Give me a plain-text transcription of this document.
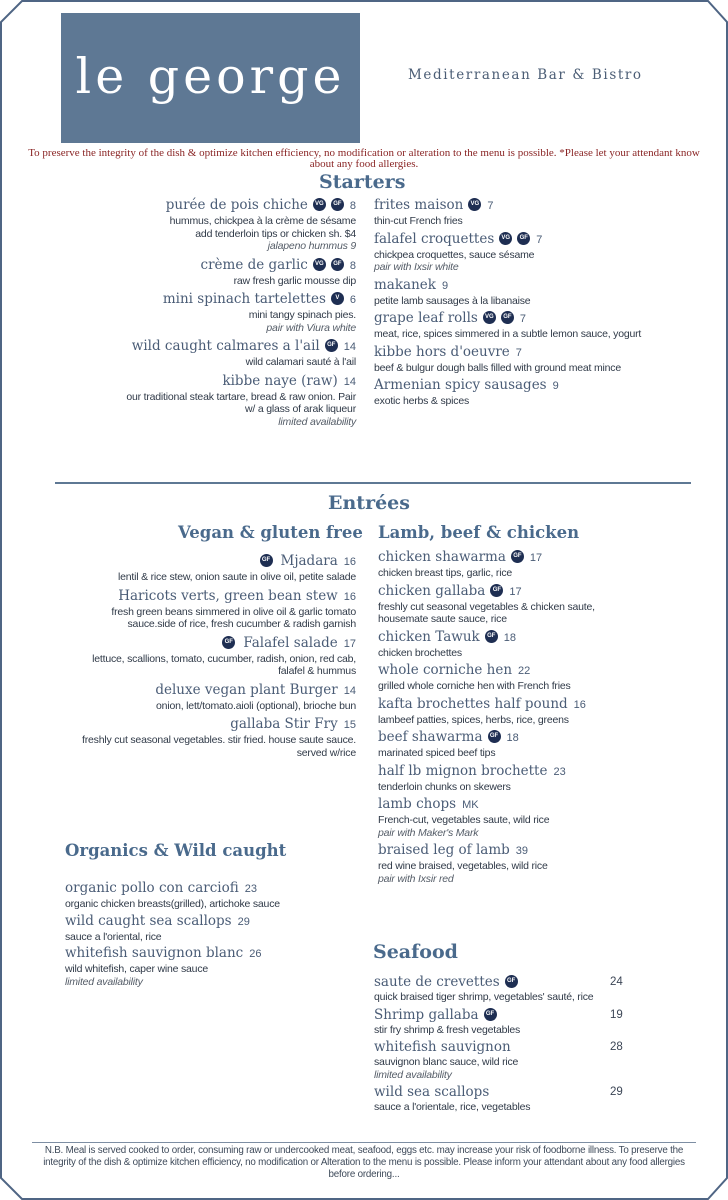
le george	Mediterranean Bar & Bistro
To preserve the integrity of the dish & optimize kitchen efficiency, no modification or alteration to the menu is possible. *Please let your attendant know about any food allergies.
Starters
purée de pois chiche VG GF 8
hummus, chickpea à la crème de sésame
add tenderloin tips or chicken sh. $4
jalapeno hummus 9
crème de garlic VG GF 8
raw fresh garlic mousse dip
mini spinach tartelettes V 6
mini tangy spinach pies.
pair with Viura white
wild caught calmares a l'ail GF 14
wild calamari sauté à l'ail
kibbe naye (raw) 14
our traditional steak tartare, bread & raw onion. Pair
w/ a glass of arak liqueur
limited availability
frites maison VG 7
thin-cut French fries
falafel croquettes VG GF 7
chickpea croquettes, sauce sésame
pair with Ixsir white
makanek 9
petite lamb sausages à la libanaise
grape leaf rolls VG GF 7
meat, rice, spices simmered in a subtle lemon sauce, yogurt
kibbe hors d'oeuvre 7
beef & bulgur dough balls filled with ground meat mince
Armenian spicy sausages 9
exotic herbs & spices
Entrées
Vegan & gluten free
GF Mjadara 16
lentil & rice stew, onion saute in olive oil, petite salade
Haricots verts, green bean stew 16
fresh green beans simmered in olive oil & garlic tomato
sauce.side of rice, fresh cucumber & radish garnish
GF Falafel salade 17
lettuce, scallions, tomato, cucumber, radish, onion, red cab,
falafel & hummus
deluxe vegan plant Burger 14
onion, lett/tomato.aioli (optional), brioche bun
gallaba Stir Fry 15
freshly cut seasonal vegetables. stir fried. house saute sauce.
served w/rice
Lamb, beef & chicken
chicken shawarma GF 17
chicken breast tips, garlic, rice
chicken gallaba GF 17
freshly cut seasonal vegetables & chicken saute,
housemate saute sauce, rice
chicken Tawuk GF 18
chicken brochettes
whole corniche hen 22
grilled whole corniche hen with French fries
kafta brochettes half pound 16
lambeef patties, spices, herbs, rice, greens
beef shawarma GF 18
marinated spiced beef tips
half lb mignon brochette 23
tenderloin chunks on skewers
lamb chops MK
French-cut, vegetables saute, wild rice
pair with Maker's Mark
braised leg of lamb 39
red wine braised, vegetables, wild rice
pair with Ixsir red
Organics & Wild caught
organic pollo con carciofi 23
organic chicken breasts(grilled), artichoke sauce
wild caught sea scallops 29
sauce a l'oriental, rice
whitefish sauvignon blanc 26
wild whitefish, caper wine sauce
limited availability
Seafood
saute de crevettes GF	24
quick braised tiger shrimp, vegetables' sauté, rice
Shrimp gallaba GF	19
stir fry shrimp & fresh vegetables
whitefish sauvignon	28
sauvignon blanc sauce, wild rice
limited availability
wild sea scallops	29
sauce a l'orientale, rice, vegetables
N.B. Meal is served cooked to order, consuming raw or undercooked meat, seafood, eggs etc. may increase your risk of foodborne illness. To preserve the integrity of the dish & optimize kitchen efficiency, no modification or Alteration to the menu is possible. Please inform your attendant about any food allergies before ordering...
